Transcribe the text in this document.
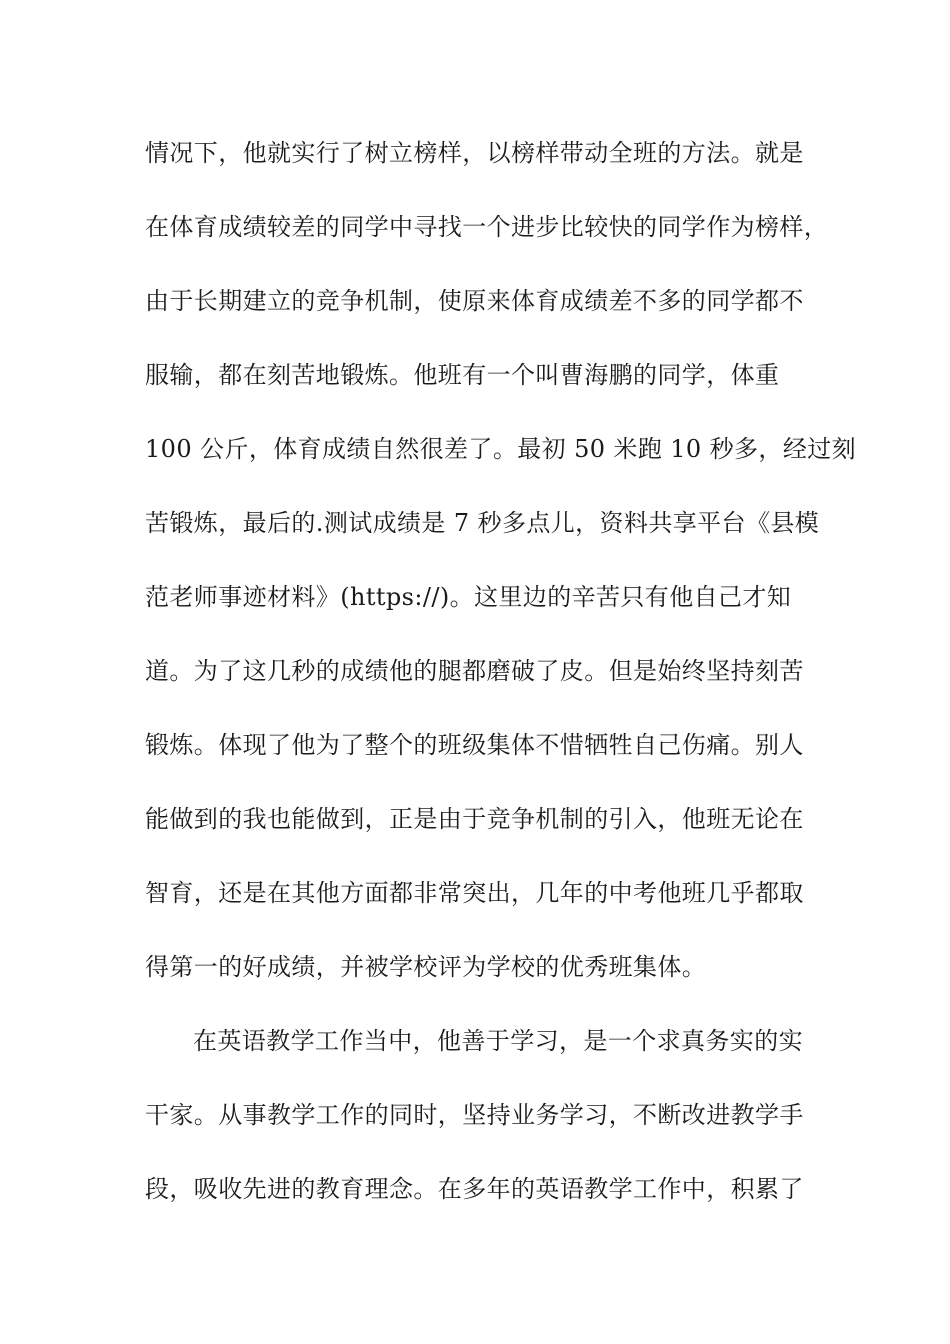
情况下，他就实行了树立榜样，以榜样带动全班的方法。就是
在体育成绩较差的同学中寻找一个进步比较快的同学作为榜样，
由于长期建立的竞争机制，使原来体育成绩差不多的同学都不
服输，都在刻苦地锻炼。他班有一个叫曹海鹏的同学，体重
100 公斤，体育成绩自然很差了。最初 50 米跑 10 秒多，经过刻
苦锻炼，最后的.测试成绩是 7 秒多点儿，资料共享平台《县模
范老师事迹材料》(https://)。这里边的辛苦只有他自己才知
道。为了这几秒的成绩他的腿都磨破了皮。但是始终坚持刻苦
锻炼。体现了他为了整个的班级集体不惜牺牲自己伤痛。别人
能做到的我也能做到，正是由于竞争机制的引入，他班无论在
智育，还是在其他方面都非常突出，几年的中考他班几乎都取
得第一的好成绩，并被学校评为学校的优秀班集体。
在英语教学工作当中，他善于学习，是一个求真务实的实
干家。从事教学工作的同时，坚持业务学习，不断改进教学手
段，吸收先进的教育理念。在多年的英语教学工作中，积累了
